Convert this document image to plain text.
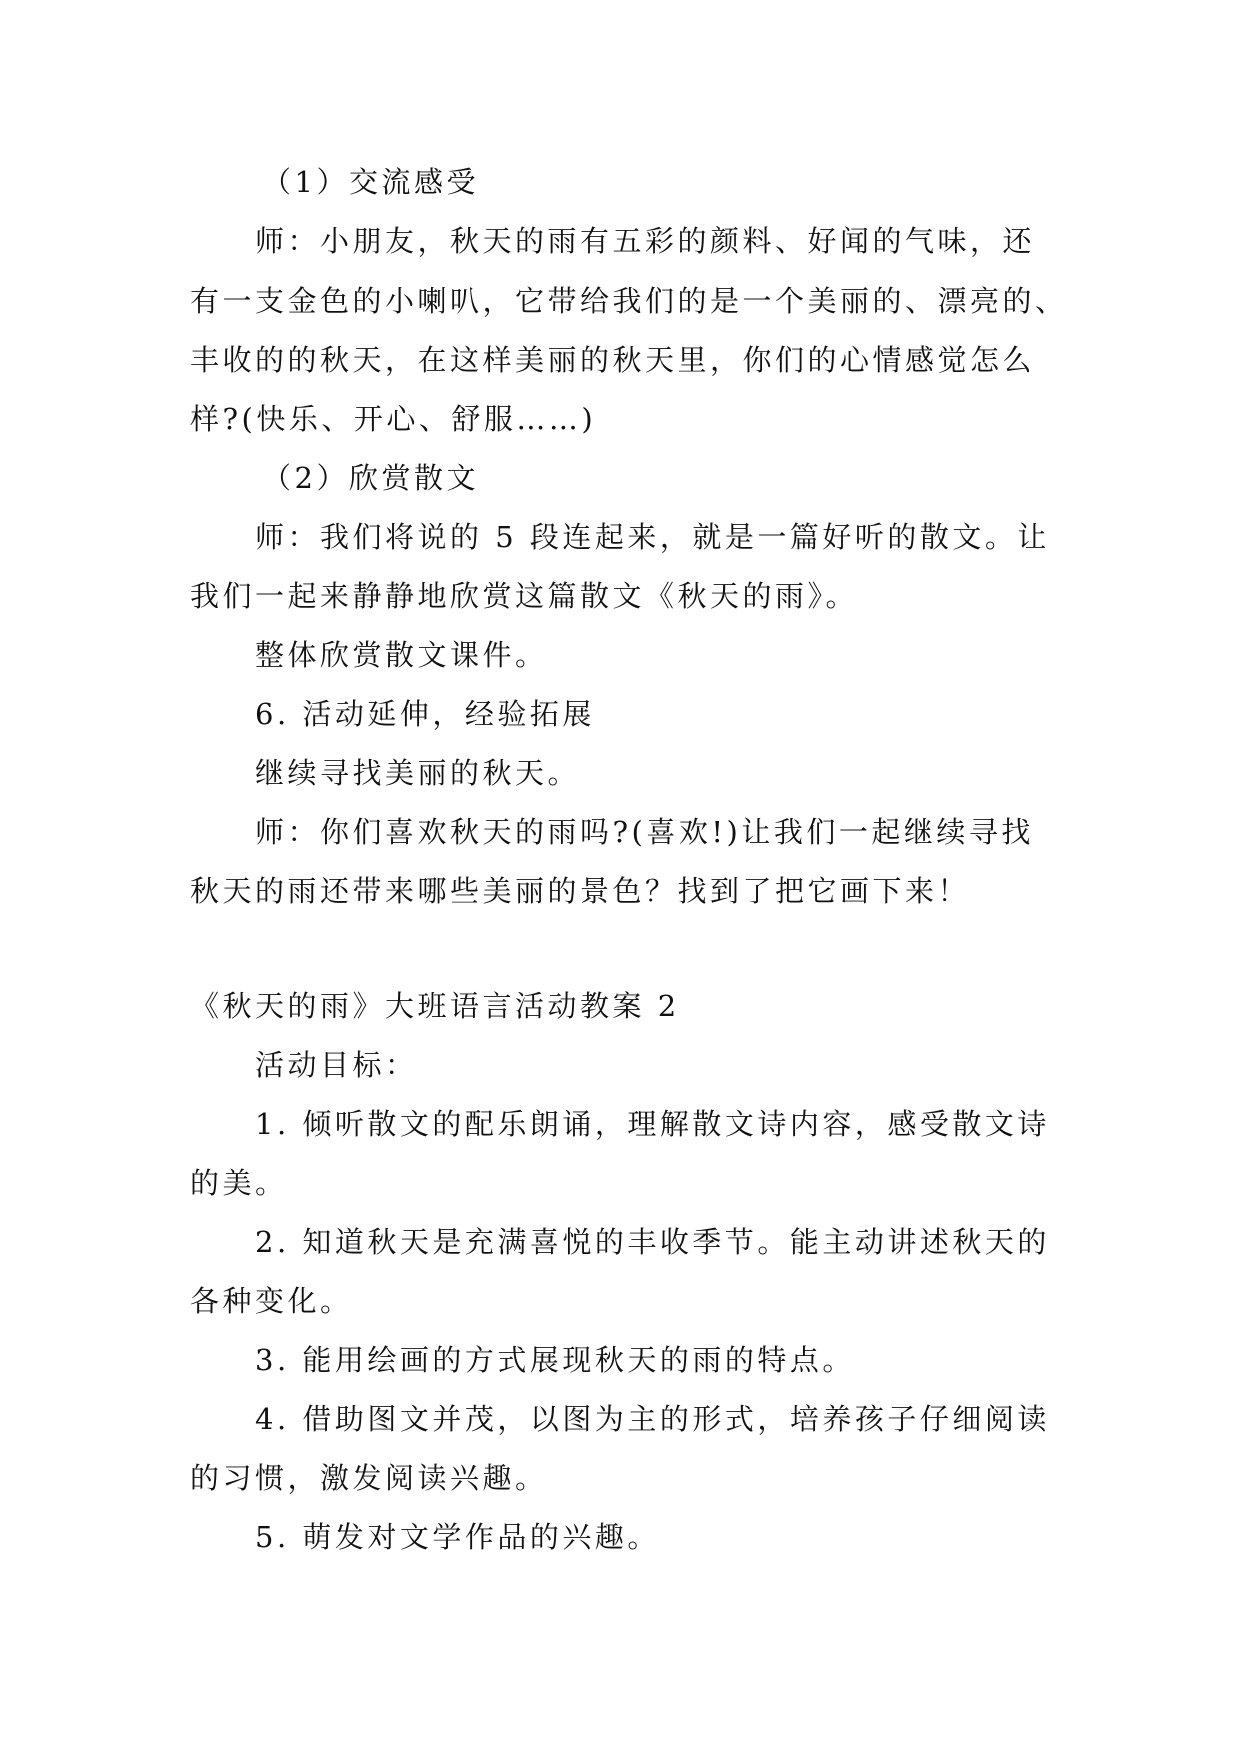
（1）交流感受
师：小朋友，秋天的雨有五彩的颜料、好闻的气味，还
有一支金色的小喇叭，它带给我们的是一个美丽的、漂亮的、
丰收的的秋天，在这样美丽的秋天里，你们的心情感觉怎么
样?(快乐、开心、舒服……)
（2）欣赏散文
师：我们将说的 5 段连起来，就是一篇好听的散文。让
我们一起来静静地欣赏这篇散文《秋天的雨》。
整体欣赏散文课件。
6. 活动延伸，经验拓展
继续寻找美丽的秋天。
师：你们喜欢秋天的雨吗?(喜欢!)让我们一起继续寻找
秋天的雨还带来哪些美丽的景色？找到了把它画下来！
《秋天的雨》大班语言活动教案 2
活动目标：
1. 倾听散文的配乐朗诵，理解散文诗内容，感受散文诗
的美。
2. 知道秋天是充满喜悦的丰收季节。能主动讲述秋天的
各种变化。
3. 能用绘画的方式展现秋天的雨的特点。
4. 借助图文并茂，以图为主的形式，培养孩子仔细阅读
的习惯，激发阅读兴趣。
5. 萌发对文学作品的兴趣。
